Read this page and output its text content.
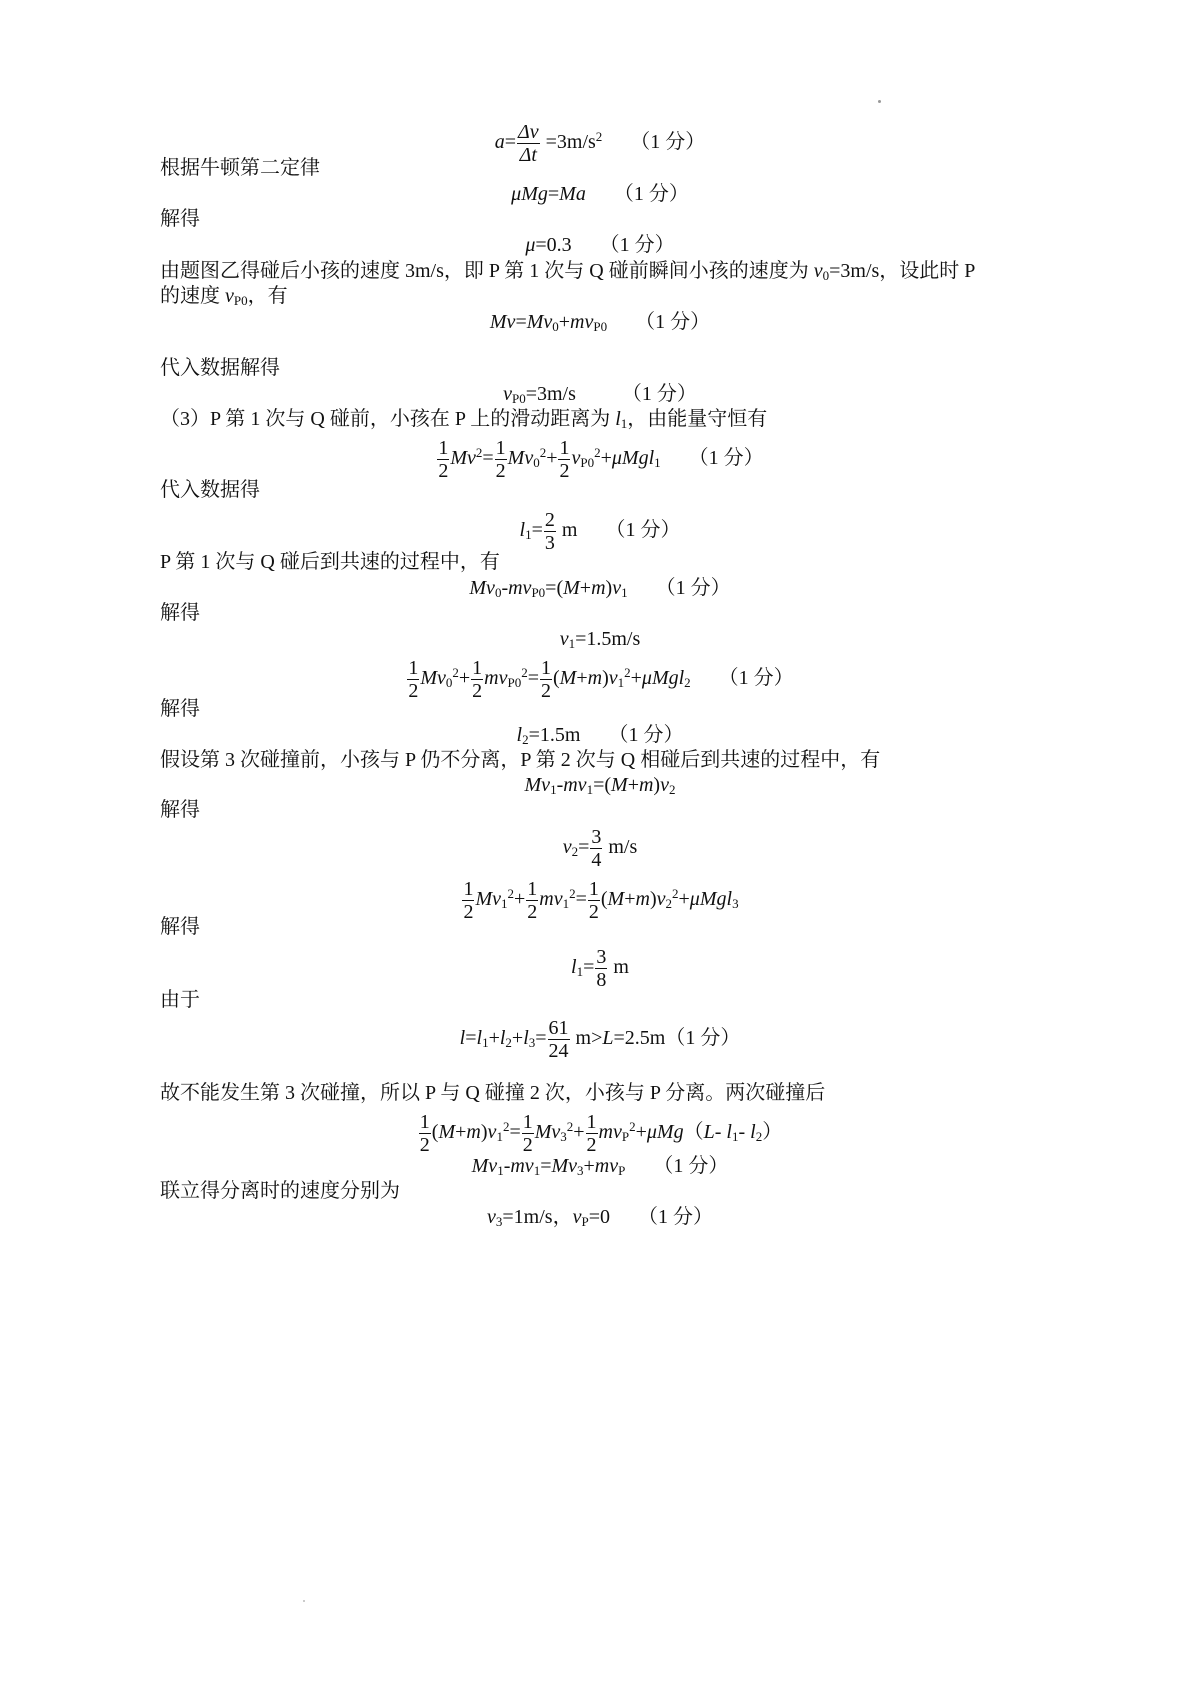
$a= \frac{\Delta v}{\Delta t} =3m/s^2$ （1 分）
根据牛顿第二定律
μMg=Ma （1 分）
解得
μ=0.3 （1 分）
由题图乙得碰后小孩的速度 3m/s，即 P 第 1 次与 Q 碰前瞬间小孩的速度为 $v_0=3m/s$，设此时 P
的速度 $v_{P0}$，有
$Mv=Mv_0+mv_{P0}$ （1 分）
代入数据解得
$v_{P0}=3m/s$ （1 分）
（3）P 第 1 次与 Q 碰前，小孩在 P 上的滑动距离为 $l_1$，由能量守恒有
$\frac{1}{2} Mv^2= \frac{1}{2} Mv_0^2+ \frac{1}{2} v_{P0}^2+\mu Mgl_1$ （1 分）
代入数据得
$l_1= \frac{2}{3}$ m （1 分）
P 第 1 次与 Q 碰后到共速的过程中，有
$Mv_0-mv_{P0}=(M+m)v_1$ （1 分）
解得
$v_1=1.5m/s$
$\frac{1}{2} Mv_0^2+ \frac{1}{2} mv_{P0}^2= \frac{1}{2} (M+m)v_1^2+\mu Mgl_2$ （1 分）
解得
$l_2=1.5m$ （1 分）
假设第 3 次碰撞前，小孩与 P 仍不分离，P 第 2 次与 Q 相碰后到共速的过程中，有
$Mv_1-mv_1=(M+m)v_2$
解得
$v_2= \frac{3}{4} m/s$
$\frac{1}{2} Mv_1^2+ \frac{1}{2} mv_1^2= \frac{1}{2} (M+m)v_2^2+\mu Mgl_3$
解得
$l_1= \frac{3}{8}$ m
由于
$l=l_1+l_2+l_3= \frac{61}{24} m>L=2.5m(1$ 分）
故不能发生第 3 次碰撞，所以 P 与 Q 碰撞 2 次，小孩与 P 分离。两次碰撞后
$\frac{1}{2} (M+m)v_1^2= \frac{1}{2} Mv_3^2+ \frac{1}{2} mv_P^2+\mu Mg(L-$ $l_1-$ $l_2$）
$Mv_1-mv_1=Mv_3+mv_P$ （1 分）
联立得分离时的速度分别为
$v_3=1m/s$，$v_P=0$ （1 分）
